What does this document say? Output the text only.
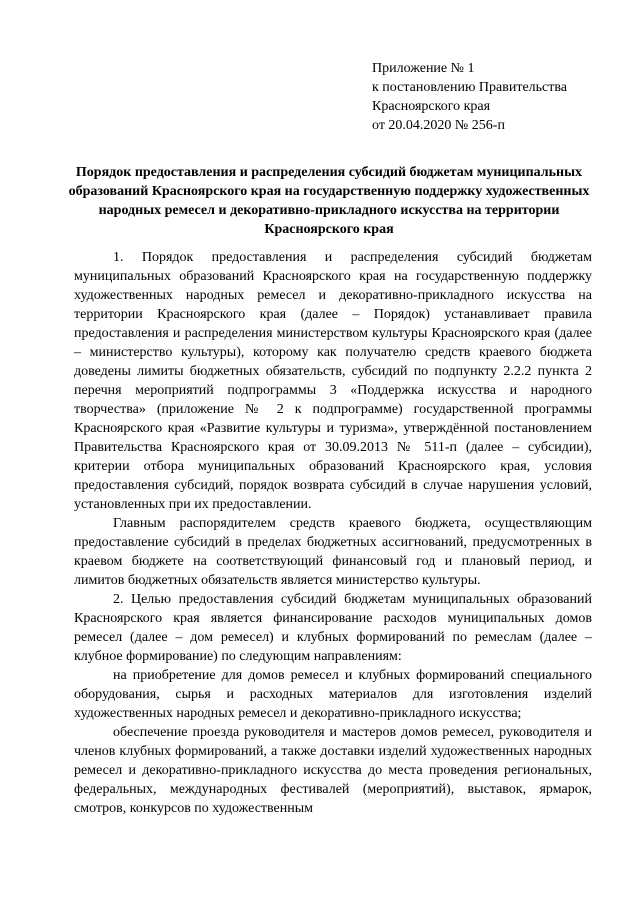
Приложение № 1
к постановлению Правительства
Красноярского края
от 20.04.2020 № 256-п
Порядок предоставления и распределения субсидий бюджетам муниципальных образований Красноярского края на государственную поддержку художественных народных ремесел и декоративно-прикладного искусства на территории Красноярского края

1. Порядок предоставления и распределения субсидий бюджетам муниципальных образований Красноярского края на государственную поддержку художественных народных ремесел и декоративно-прикладного искусства на территории Красноярского края (далее – Порядок) устанавливает правила предоставления и распределения министерством культуры Красноярского края (далее – министерство культуры), которому как получателю средств краевого бюджета доведены лимиты бюджетных обязательств, субсидий по подпункту 2.2.2 пункта 2 перечня мероприятий подпрограммы 3 «Поддержка искусства и народного творчества» (приложение № 2 к подпрограмме) государственной программы Красноярского края «Развитие культуры и туризма», утверждённой постановлением Правительства Красноярского края от 30.09.2013 № 511-п (далее – субсидии), критерии отбора муниципальных образований Красноярского края, условия предоставления субсидий, порядок возврата субсидий в случае нарушения условий, установленных при их предоставлении.

Главным распорядителем средств краевого бюджета, осуществляющим предоставление субсидий в пределах бюджетных ассигнований, предусмотренных в краевом бюджете на соответствующий финансовый год и плановый период, и лимитов бюджетных обязательств является министерство культуры.

2. Целью предоставления субсидий бюджетам муниципальных образований Красноярского края является финансирование расходов муниципальных домов ремесел (далее – дом ремесел) и клубных формирований по ремеслам (далее – клубное формирование) по следующим направлениям:

на приобретение для домов ремесел и клубных формирований специального оборудования, сырья и расходных материалов для изготовления изделий художественных народных ремесел и декоративно-прикладного искусства;

обеспечение проезда руководителя и мастеров домов ремесел, руководителя и членов клубных формирований, а также доставки изделий художественных народных ремесел и декоративно-прикладного искусства до места проведения региональных, федеральных, международных фестивалей (мероприятий), выставок, ярмарок, смотров, конкурсов по художественным
